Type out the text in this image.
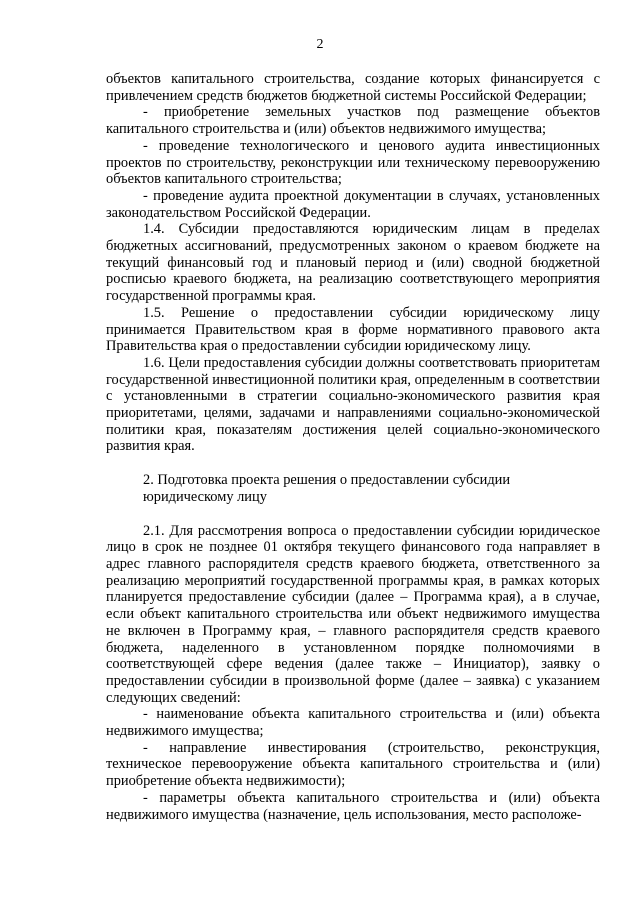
2

объектов капитального строительства, создание которых финансируется с привлечением средств бюджетов бюджетной системы Российской Федерации;

- приобретение земельных участков под размещение объектов капитального строительства и (или) объектов недвижимого имущества;

- проведение технологического и ценового аудита инвестиционных проектов по строительству, реконструкции или техническому перевооружению объектов капитального строительства;

- проведение аудита проектной документации в случаях, установленных законодательством Российской Федерации.

1.4. Субсидии предоставляются юридическим лицам в пределах бюджетных ассигнований, предусмотренных законом о краевом бюджете на текущий финансовый год и плановый период и (или) сводной бюджетной росписью краевого бюджета, на реализацию соответствующего мероприятия государственной программы края.

1.5. Решение о предоставлении субсидии юридическому лицу принимается Правительством края в форме нормативного правового акта Правительства края о предоставлении субсидии юридическому лицу.

1.6. Цели предоставления субсидии должны соответствовать приоритетам государственной инвестиционной политики края, определенным в соответствии с установленными в стратегии социально-экономического развития края приоритетами, целями, задачами и направлениями социально-экономической политики края, показателям достижения целей социально-экономического развития края.

2. Подготовка проекта решения о предоставлении субсидии юридическому лицу

2.1. Для рассмотрения вопроса о предоставлении субсидии юридическое лицо в срок не позднее 01 октября текущего финансового года направляет в адрес главного распорядителя средств краевого бюджета, ответственного за реализацию мероприятий государственной программы края, в рамках которых планируется предоставление субсидии (далее – Программа края), а в случае, если объект капитального строительства или объект недвижимого имущества не включен в Программу края, – главного распорядителя средств краевого бюджета, наделенного в установленном порядке полномочиями в соответствующей сфере ведения (далее также – Инициатор), заявку о предоставлении субсидии в произвольной форме (далее – заявка) с указанием следующих сведений:

- наименование объекта капитального строительства и (или) объекта недвижимого имущества;

- направление инвестирования (строительство, реконструкция, техническое перевооружение объекта капитального строительства и (или) приобретение объекта недвижимости);

- параметры объекта капитального строительства и (или) объекта недвижимого имущества (назначение, цель использования, место расположе-
